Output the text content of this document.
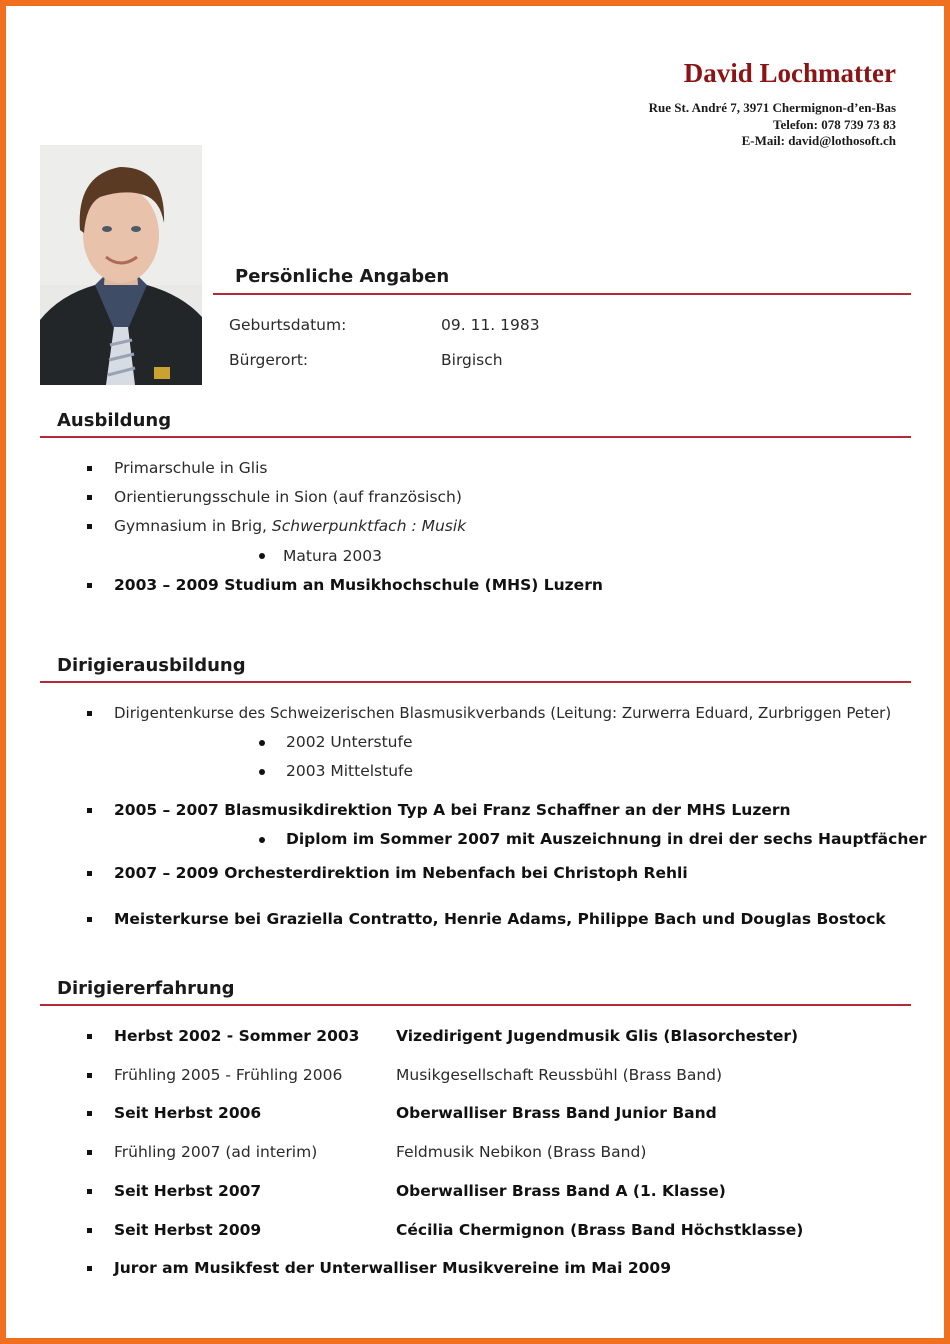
David Lochmatter
Rue St. André 7, 3971 Chermignon-d’en-Bas
Telefon: 078 739 73 83
E-Mail: david@lothosoft.ch
Persönliche Angaben
Geburtsdatum:	09. 11. 1983
Bürgerort:	Birgisch
Ausbildung
Primarschule in Glis
Orientierungsschule in Sion (auf französisch)
Gymnasium in Brig, Schwerpunktfach : Musik
Matura 2003
2003 – 2009 Studium an Musikhochschule (MHS) Luzern
Dirigierausbildung
Dirigentenkurse des Schweizerischen Blasmusikverbands (Leitung: Zurwerra Eduard, Zurbriggen Peter)
2002 Unterstufe
2003 Mittelstufe
2005 – 2007 Blasmusikdirektion Typ A bei Franz Schaffner an der MHS Luzern
Diplom im Sommer 2007 mit Auszeichnung in drei der sechs Hauptfächer
2007 – 2009 Orchesterdirektion im Nebenfach bei Christoph Rehli
Meisterkurse bei Graziella Contratto, Henrie Adams, Philippe Bach und Douglas Bostock
Dirigiererfahrung
Herbst 2002 - Sommer 2003 Vizedirigent Jugendmusik Glis (Blasorchester)
Frühling 2005 - Frühling 2006	Musikgesellschaft Reussbühl (Brass Band)
Seit Herbst 2006	Oberwalliser Brass Band Junior Band
Frühling 2007 (ad interim)	Feldmusik Nebikon (Brass Band)
Seit Herbst 2007	Oberwalliser Brass Band A (1. Klasse)
Seit Herbst 2009	Cécilia Chermignon (Brass Band Höchstklasse)
Juror am Musikfest der Unterwalliser Musikvereine im Mai 2009
